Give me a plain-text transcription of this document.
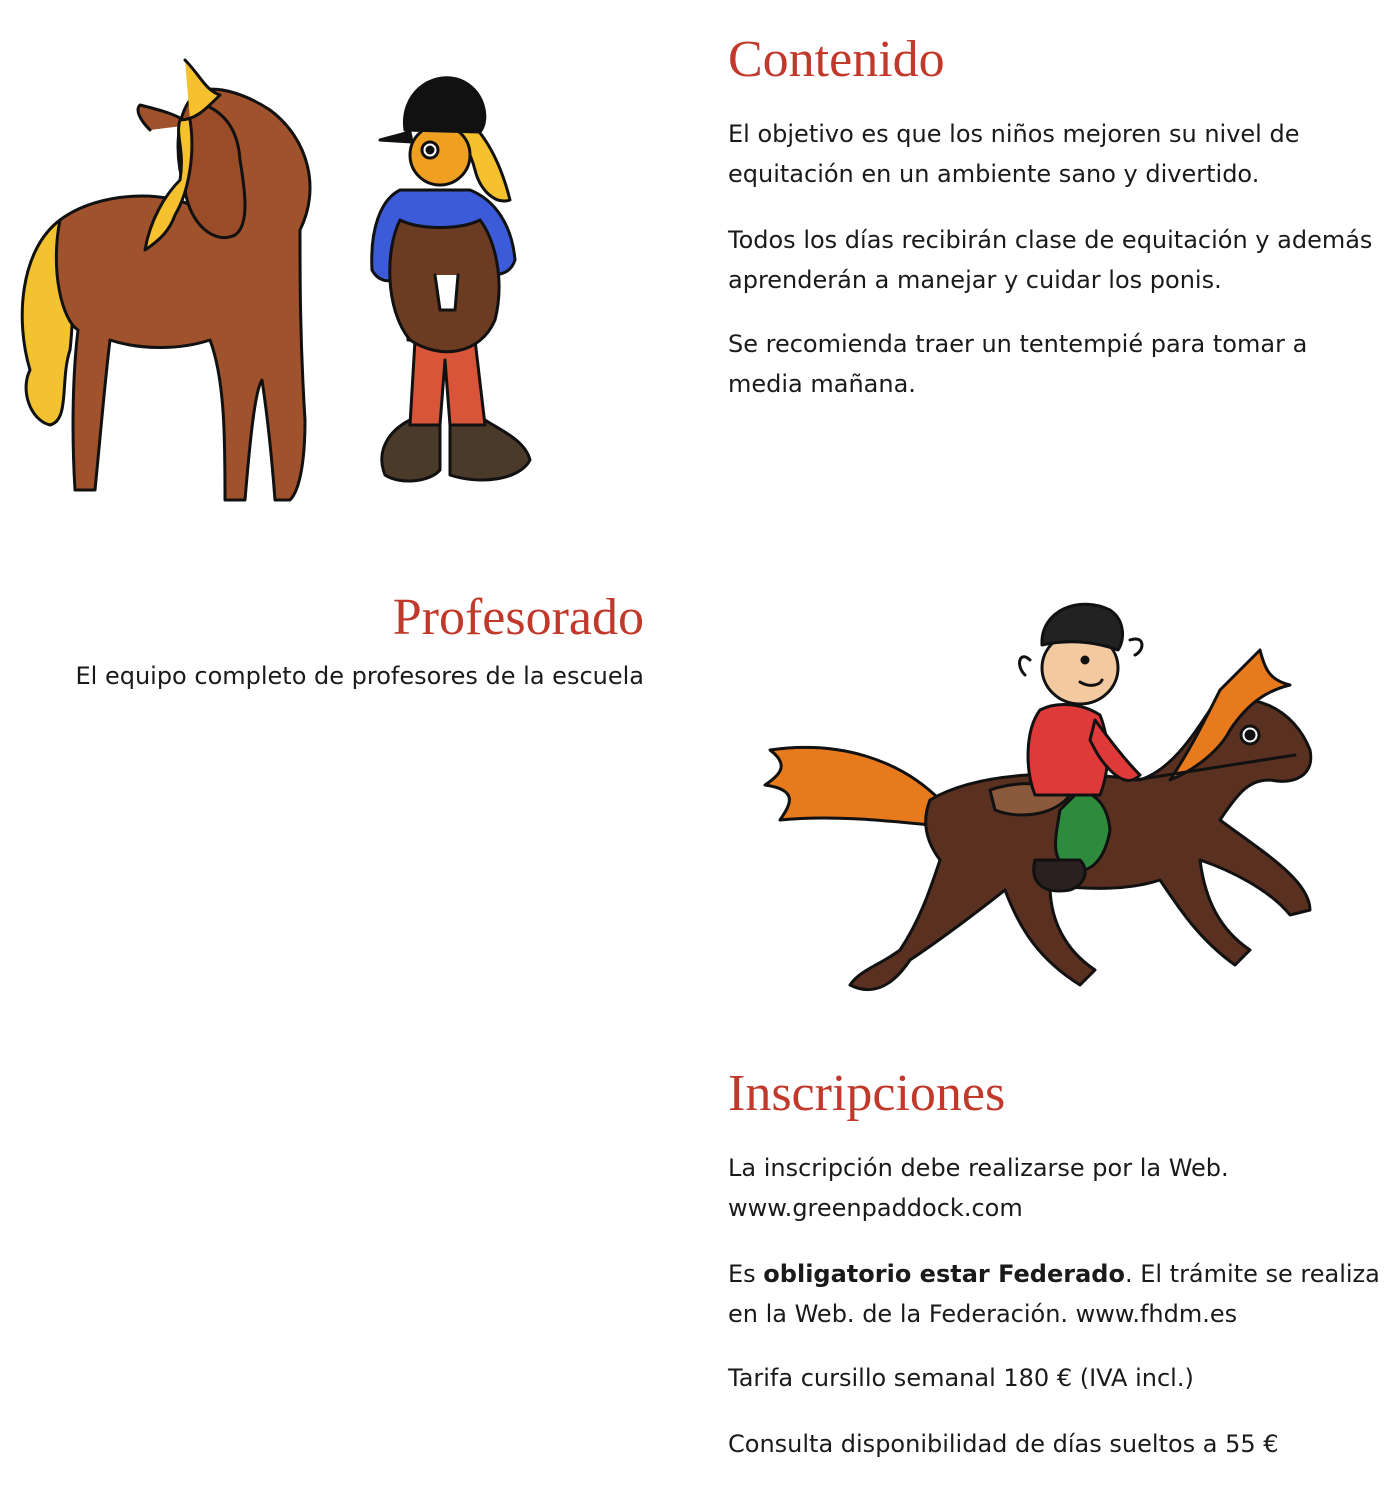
Contenido

El objetivo es que los niños mejoren su nivel de equitación en un ambiente sano y divertido.

Todos los días recibirán clase de equitación y además aprenderán a manejar y cuidar los ponis.

Se recomienda traer un tentempié para tomar a media mañana.

Profesorado

El equipo completo de profesores de la escuela

Inscripciones

La inscripción debe realizarse por la Web.
www.greenpaddock.com

Es obligatorio estar Federado. El trámite se realiza en la Web. de la Federación. www.fhdm.es

Tarifa cursillo semanal 180 € (IVA incl.)

Consulta disponibilidad de días sueltos a 55 €
